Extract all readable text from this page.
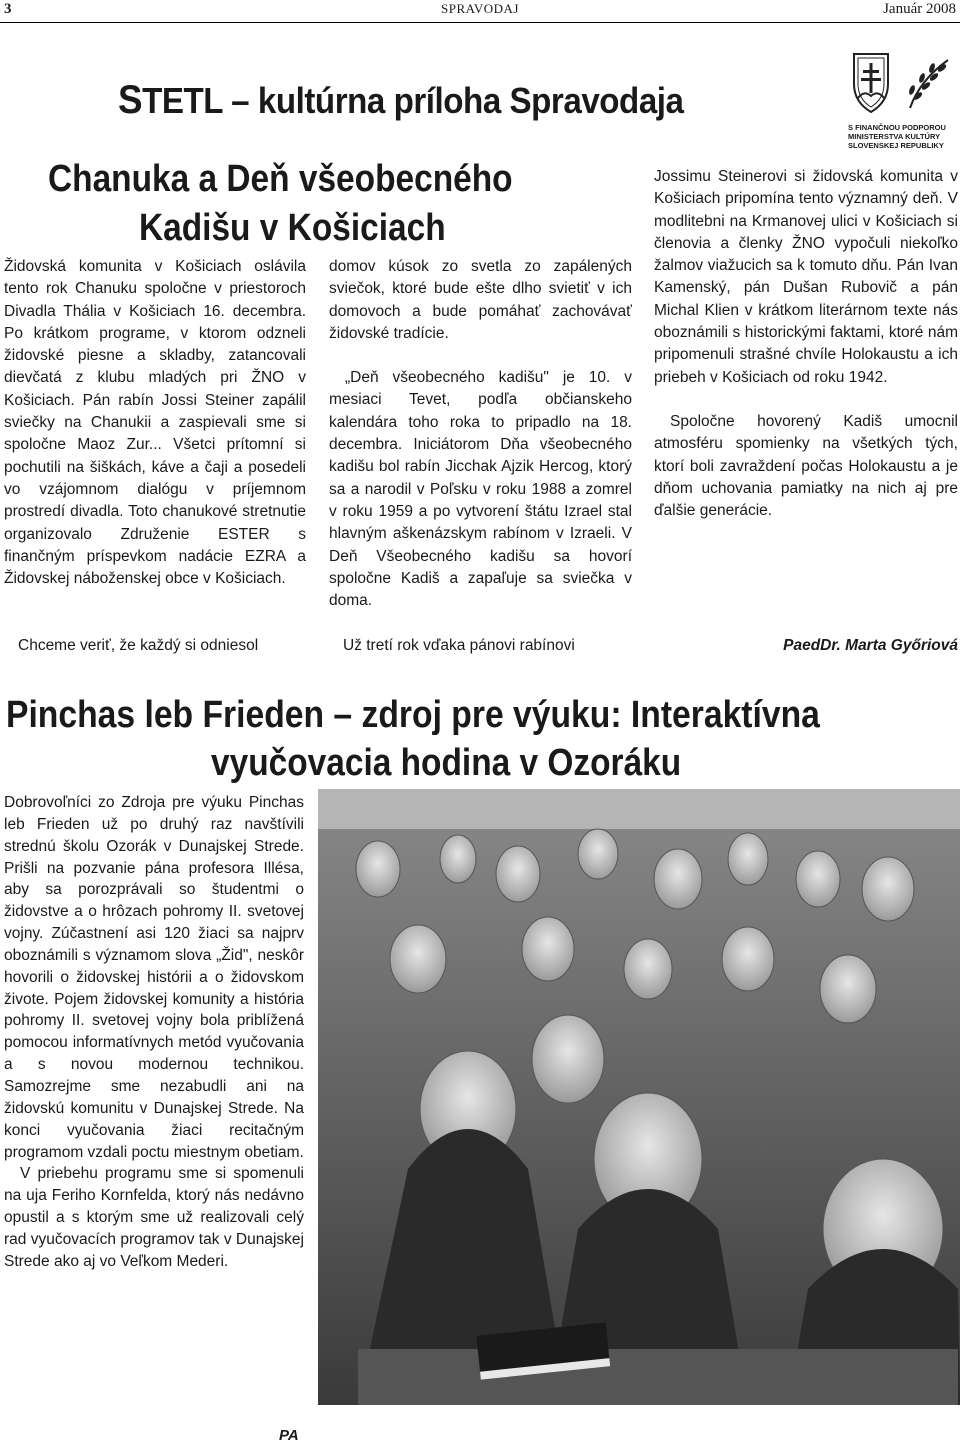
3	SPRAVODAJ	Január 2008
STETL – kultúrna príloha Spravodaja
S FINANČNOU PODPOROU
MINISTERSTVA KULTÚRY
SLOVENSKEJ REPUBLIKY
Chanuka a Deň všeobecného
Kadišu v Košiciach

Židovská komunita v Košiciach oslávila tento rok Chanuku spoločne v priestoroch Divadla Thália v Košiciach 16. decembra. Po krátkom programe, v ktorom odzneli židovské piesne a skladby, zatancovali dievčatá z klubu mladých pri ŽNO v Košiciach. Pán rabín Jossi Steiner zapálil sviečky na Chanukii a zaspievali sme si spoločne Maoz Zur... Všetci prítomní si pochutili na šiškách, káve a čaji a posedeli vo vzájomnom dialógu v príjemnom prostredí divadla. Toto chanukové stretnutie organizovalo Združenie ESTER s finančným príspevkom nadácie EZRA a Židovskej náboženskej obce v Košiciach.

domov kúsok zo svetla zo zapálených sviečok, ktoré bude ešte dlho svietiť v ich domovoch a bude pomáhať zachovávať židovské tradície.

„Deň všeobecného kadišu" je 10. v mesiaci Tevet, podľa občianskeho kalendára toho roka to pripadlo na 18. decembra. Iniciátorom Dňa všeobecného kadišu bol rabín Jicchak Ajzik Hercog, ktorý sa a narodil v Poľsku v roku 1988 a zomrel v roku 1959 a po vytvorení štátu Izrael stal hlavným aškenázskym rabínom v Izraeli. V Deň Všeobecného kadišu sa hovorí spoločne Kadiš a zapaľuje sa sviečka v domа.

Jossimu Steinerovi si židovská komunita v Košiciach pripomína tento významný deň. V modlitebni na Krmanovej ulici v Košiciach si členovia a členky ŽNO vypočuli niekoľko žalmov viažucich sa k tomuto dňu. Pán Ivan Kamenský, pán Dušan Rubovič a pán Michal Klien v krátkom literárnom texte nás oboznámili s historickými faktami, ktoré nám pripomenuli strašné chvíle Holokaustu a ich priebeh v Košiciach od roku 1942.

Spoločne hovorený Kadiš umocnil atmosféru spomienky na všetkých tých, ktorí boli zavraždení počas Holokaustu a je dňom uchovania pamiatky na nich aj pre ďalšie generácie.

Chceme veriť, že každý si odniesol	Už tretí rok vďaka pánovi rabínovi	PaedDr. Marta Győriová
Pinchas leb Frieden – zdroj pre výuku: Interaktívna
vyučovacia hodina v Ozoráku

Dobrovoľníci zo Zdroja pre výuku Pinchas leb Frieden už po druhý raz navštívili strednú školu Ozorák v Dunajskej Strede. Prišli na pozvanie pána profesora Illésa, aby sa porozprávali so študentmi o židovstve a o hrôzach pohromy II. svetovej vojny. Zúčastnení asi 120 žiaci sa najprv oboznámili s významom slova „Žid", neskôr hovorili o židovskej histórii a o židovskom živote. Pojem židovskej komunity a história pohromy II. svetovej vojny bola priblížená pomocou informatívnych metód vyučovania a s novou modernou technikou. Samozrejme sme nezabudli ani na židovskú komunitu v Dunajskej Strede. Na konci vyučovania žiaci recitačným programom vzdali poctu miestnym obetiam.

V priebehu programu sme si spomenuli na uja Feriho Kornfelda, ktorý nás nedávno opustil a s ktorým sme už realizovali celý rad vyučovacích programov tak v Dunajskej Strede ako aj vo Veľkom Mederi.

PA
